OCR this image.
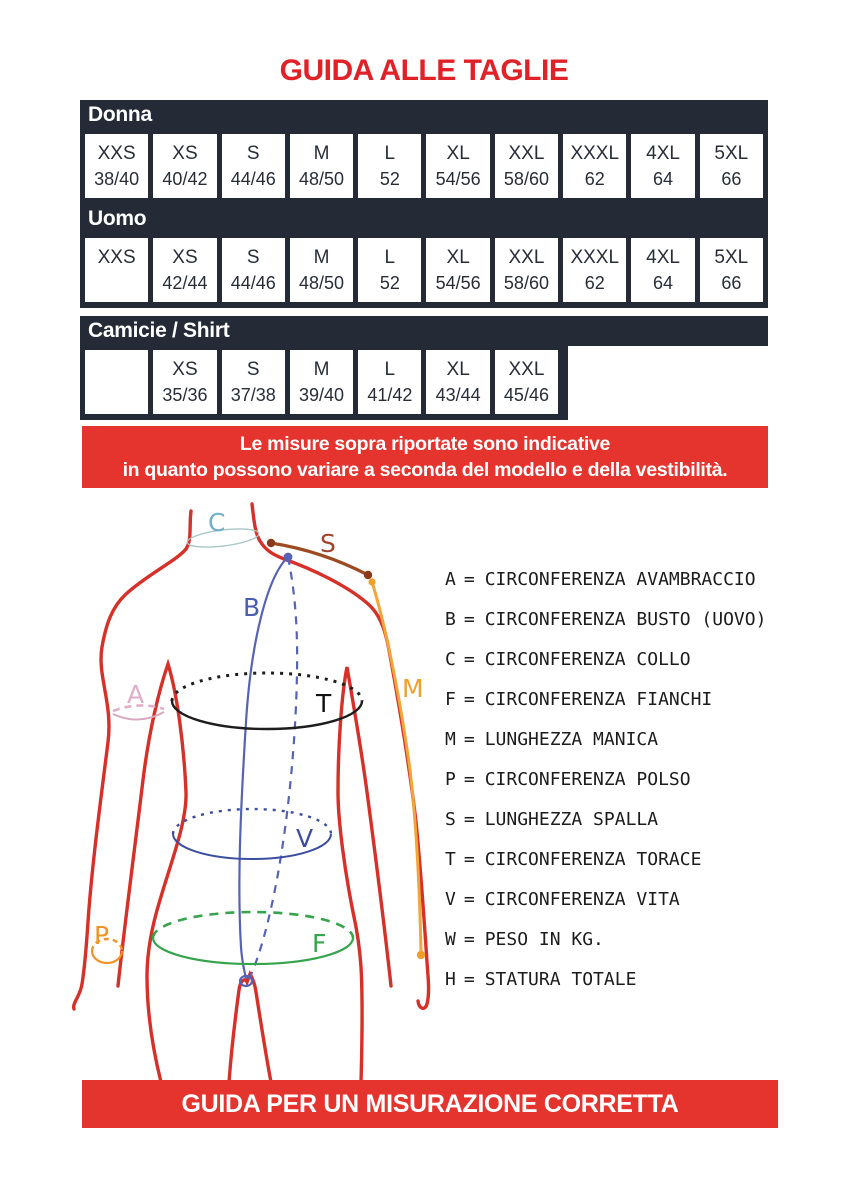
GUIDA ALLE TAGLIE
Donna
XXS
38/40
XS
40/42
S
44/46
M
48/50
L
52
XL
54/56
XXL
58/60
XXXL
62
4XL
64
5XL
66
Uomo
XXS XS
42/44
S
44/46
M
48/50
L
52
XL
54/56
XXL
58/60
XXXL
62
4XL
64
5XL
66
Camicie / Shirt
XS
35/36
S
37/38
M
39/40
L
41/42
XL
43/44
XXL
45/46
Le misure sopra riportate sono indicative
in quanto possono variare a seconda del modello e della vestibilità.
C
S
M
B
T
A
V
F
P
A = CIRCONFERENZA AVAMBRACCIO
B = CIRCONFERENZA BUSTO (UOVO)
C = CIRCONFERENZA COLLO
F = CIRCONFERENZA FIANCHI
M = LUNGHEZZA MANICA
P = CIRCONFERENZA POLSO
S = LUNGHEZZA SPALLA
T = CIRCONFERENZA TORACE
V = CIRCONFERENZA VITA
W = PESO IN KG.
H = STATURA TOTALE
GUIDA PER UN MISURAZIONE CORRETTA
